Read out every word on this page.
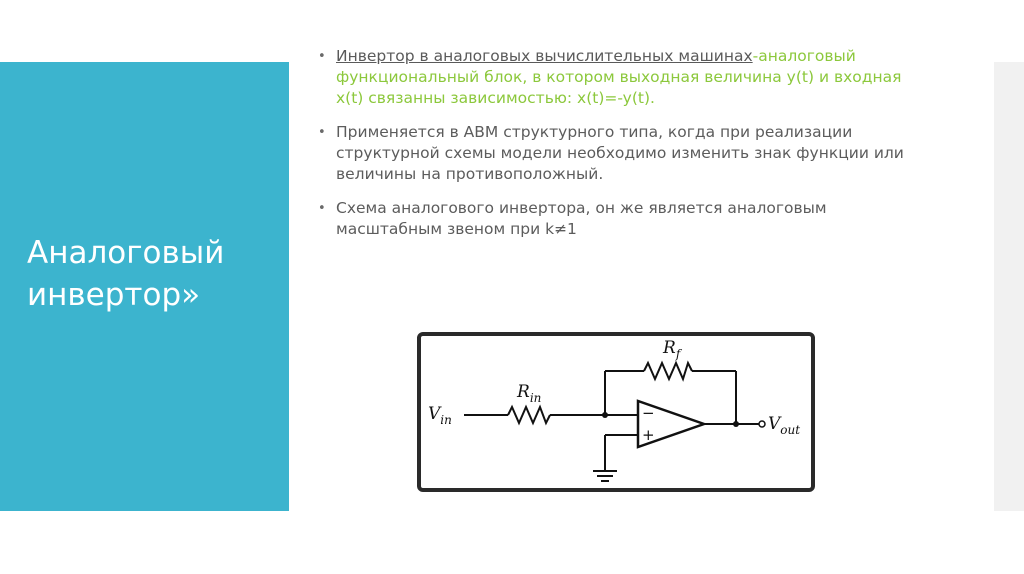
Аналоговый инвертор»
• Инвертор в аналоговых вычислительных машинах-аналоговый функциональный блок, в котором выходная величина y(t) и входная x(t) связанны зависимостью: x(t)=-y(t).
• Применяется в АВМ структурного типа, когда при реализации структурной схемы модели необходимо изменить знак функции или величины на противоположный.
• Схема аналогового инвертора, он же является аналоговым масштабным звеном при k≠1
−
+
$R_f$
$R_{in}$
$V_{in}$	$V_{out}$
